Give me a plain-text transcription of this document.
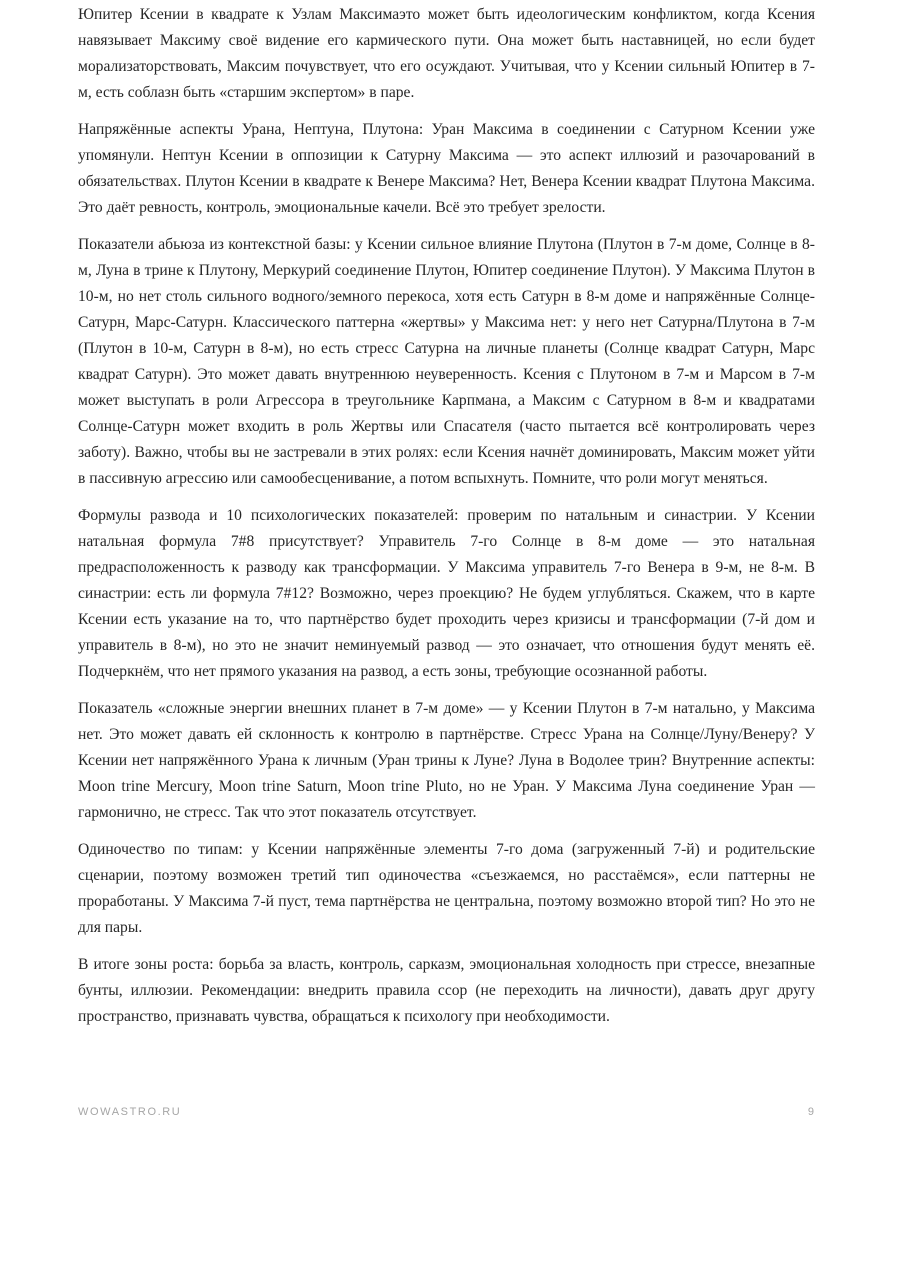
Юпитер Ксении в квадрате к Узлам Максимаэто может быть идеологическим конфликтом, когда Ксения навязывает Максиму своё видение его кармического пути. Она может быть наставницей, но если будет морализаторствовать, Максим почувствует, что его осуждают. Учитывая, что у Ксении сильный Юпитер в 7-м, есть соблазн быть «старшим экспертом» в паре.

Напряжённые аспекты Урана, Нептуна, Плутона: Уран Максима в соединении с Сатурном Ксении уже упомянули. Нептун Ксении в оппозиции к Сатурну Максима — это аспект иллюзий и разочарований в обязательствах. Плутон Ксении в квадрате к Венере Максима? Нет, Венера Ксении квадрат Плутона Максима. Это даёт ревность, контроль, эмоциональные качели. Всё это требует зрелости.

Показатели абьюза из контекстной базы: у Ксении сильное влияние Плутона (Плутон в 7-м доме, Солнце в 8-м, Луна в трине к Плутону, Меркурий соединение Плутон, Юпитер соединение Плутон). У Максима Плутон в 10-м, но нет столь сильного водного/земного перекоса, хотя есть Сатурн в 8-м доме и напряжённые Солнце-Сатурн, Марс-Сатурн. Классического паттерна «жертвы» у Максима нет: у него нет Сатурна/Плутона в 7-м (Плутон в 10-м, Сатурн в 8-м), но есть стресс Сатурна на личные планеты (Солнце квадрат Сатурн, Марс квадрат Сатурн). Это может давать внутреннюю неуверенность. Ксения с Плутоном в 7-м и Марсом в 7-м может выступать в роли Агрессора в треугольнике Карпмана, а Максим с Сатурном в 8-м и квадратами Солнце-Сатурн может входить в роль Жертвы или Спасателя (часто пытается всё контролировать через заботу). Важно, чтобы вы не застревали в этих ролях: если Ксения начнёт доминировать, Максим может уйти в пассивную агрессию или самообесценивание, а потом вспыхнуть. Помните, что роли могут меняться.

Формулы развода и 10 психологических показателей: проверим по натальным и синастрии. У Ксении натальная формула 7#8 присутствует? Управитель 7-го Солнце в 8-м доме — это натальная предрасположенность к разводу как трансформации. У Максима управитель 7-го Венера в 9-м, не 8-м. В синастрии: есть ли формула 7#12? Возможно, через проекцию? Не будем углубляться. Скажем, что в карте Ксении есть указание на то, что партнёрство будет проходить через кризисы и трансформации (7-й дом и управитель в 8-м), но это не значит неминуемый развод — это означает, что отношения будут менять её. Подчеркнём, что нет прямого указания на развод, а есть зоны, требующие осознанной работы.

Показатель «сложные энергии внешних планет в 7-м доме» — у Ксении Плутон в 7-м натально, у Максима нет. Это может давать ей склонность к контролю в партнёрстве. Стресс Урана на Солнце/Луну/Венеру? У Ксении нет напряжённого Урана к личным (Уран трины к Луне? Луна в Водолее трин? Внутренние аспекты: Moon trine Mercury, Moon trine Saturn, Moon trine Pluto, но не Уран. У Максима Луна соединение Уран — гармонично, не стресс. Так что этот показатель отсутствует.

Одиночество по типам: у Ксении напряжённые элементы 7-го дома (загруженный 7-й) и родительские сценарии, поэтому возможен третий тип одиночества «съезжаемся, но расстаёмся», если паттерны не проработаны. У Максима 7-й пуст, тема партнёрства не центральна, поэтому возможно второй тип? Но это не для пары.

В итоге зоны роста: борьба за власть, контроль, сарказм, эмоциональная холодность при стрессе, внезапные бунты, иллюзии. Рекомендации: внедрить правила ссор (не переходить на личности), давать друг другу пространство, признавать чувства, обращаться к психологу при необходимости.

WOWASTRO.RU	9
